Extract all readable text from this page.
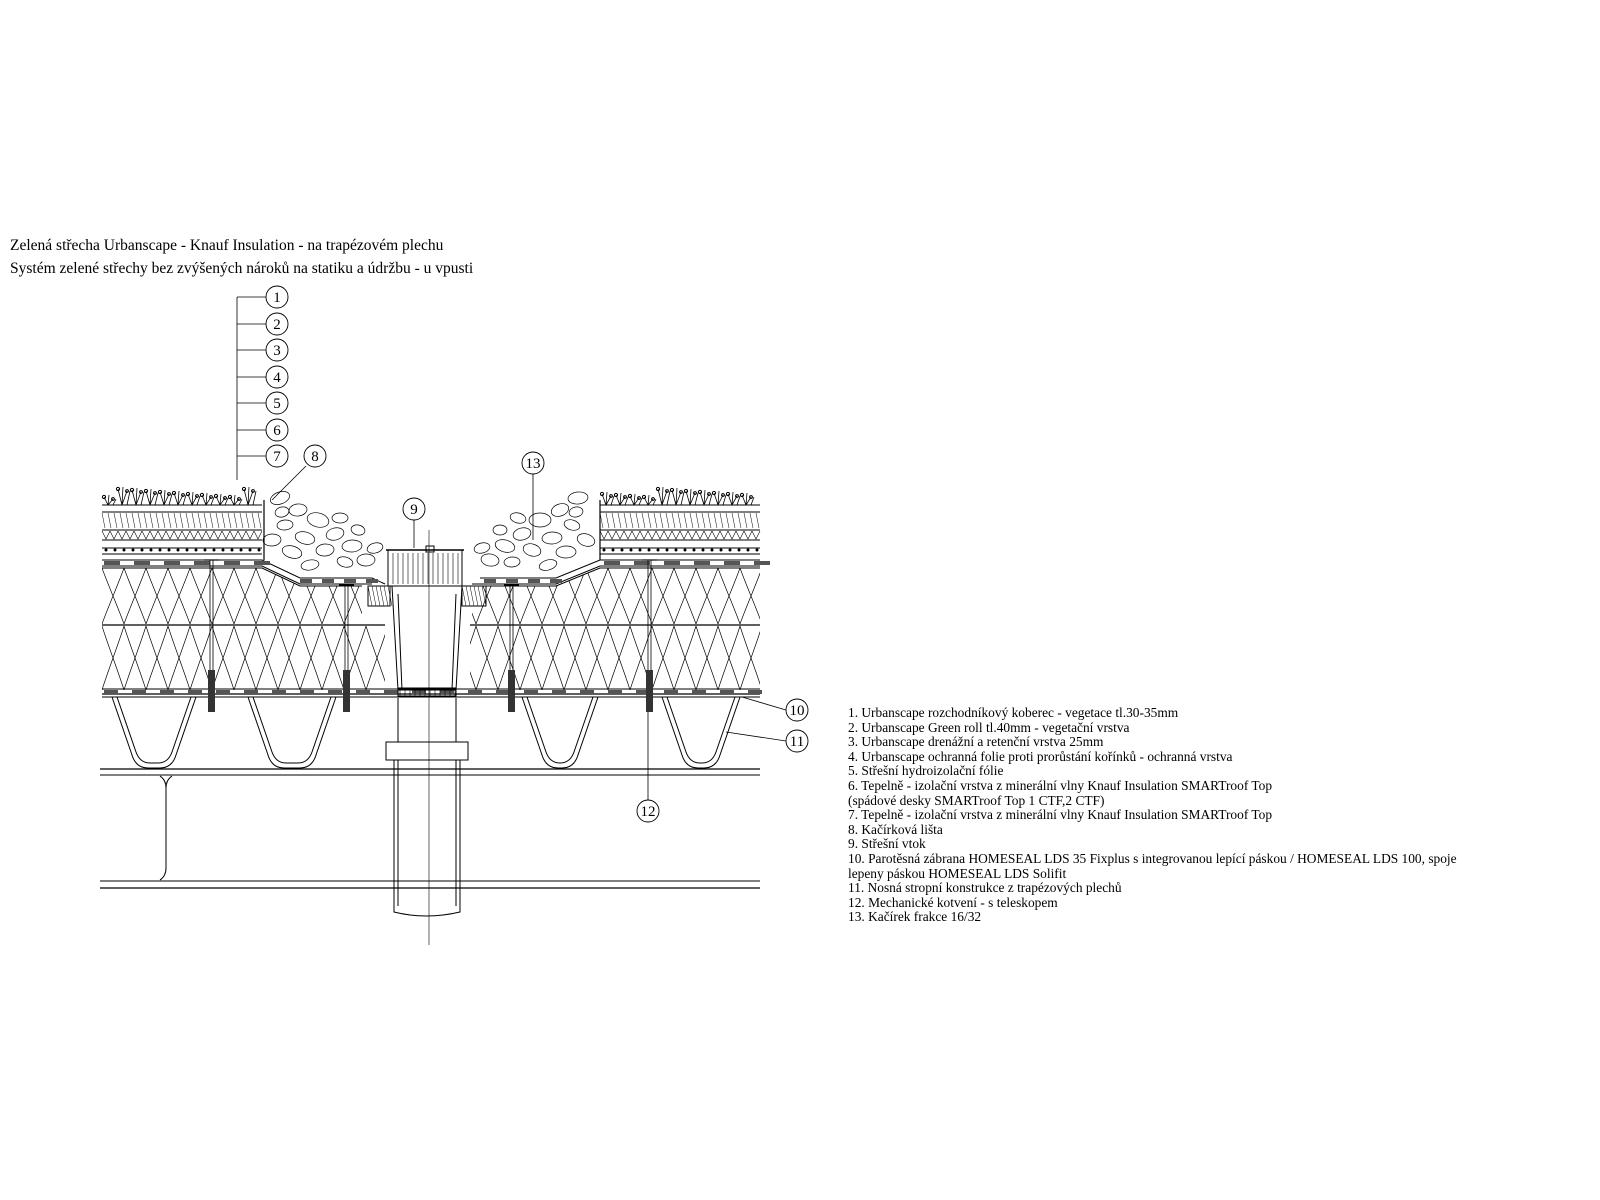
Zelená střecha Urbanscape - Knauf Insulation - na trapézovém plechu
Systém zelené střechy bez zvýšených nároků na statiku a údržbu - u vpusti
1
2
3
4
5
6
7 8
9
13
10
11
12
1. Urbanscape rozchodníkový koberec - vegetace tl.30-35mm
2. Urbanscape Green roll tl.40mm - vegetační vrstva
3. Urbanscape drenážní a retenční vrstva 25mm
4. Urbanscape ochranná folie proti prorůstání kořínků - ochranná vrstva
5. Střešní hydroizolační fólie
6. Tepelně - izolační vrstva z minerální vlny Knauf Insulation SMARTroof Top
(spádové desky SMARTroof Top 1 CTF,2 CTF)
7. Tepelně - izolační vrstva z minerální vlny Knauf Insulation SMARTroof Top
8. Kačírková lišta
9. Střešní vtok
10. Parotěsná zábrana HOMESEAL LDS 35 Fixplus s integrovanou lepící páskou / HOMESEAL LDS 100, spoje
lepeny páskou HOMESEAL LDS Solifit
11. Nosná stropní konstrukce z trapézových plechů
12. Mechanické kotvení - s teleskopem
13. Kačírek frakce 16/32
